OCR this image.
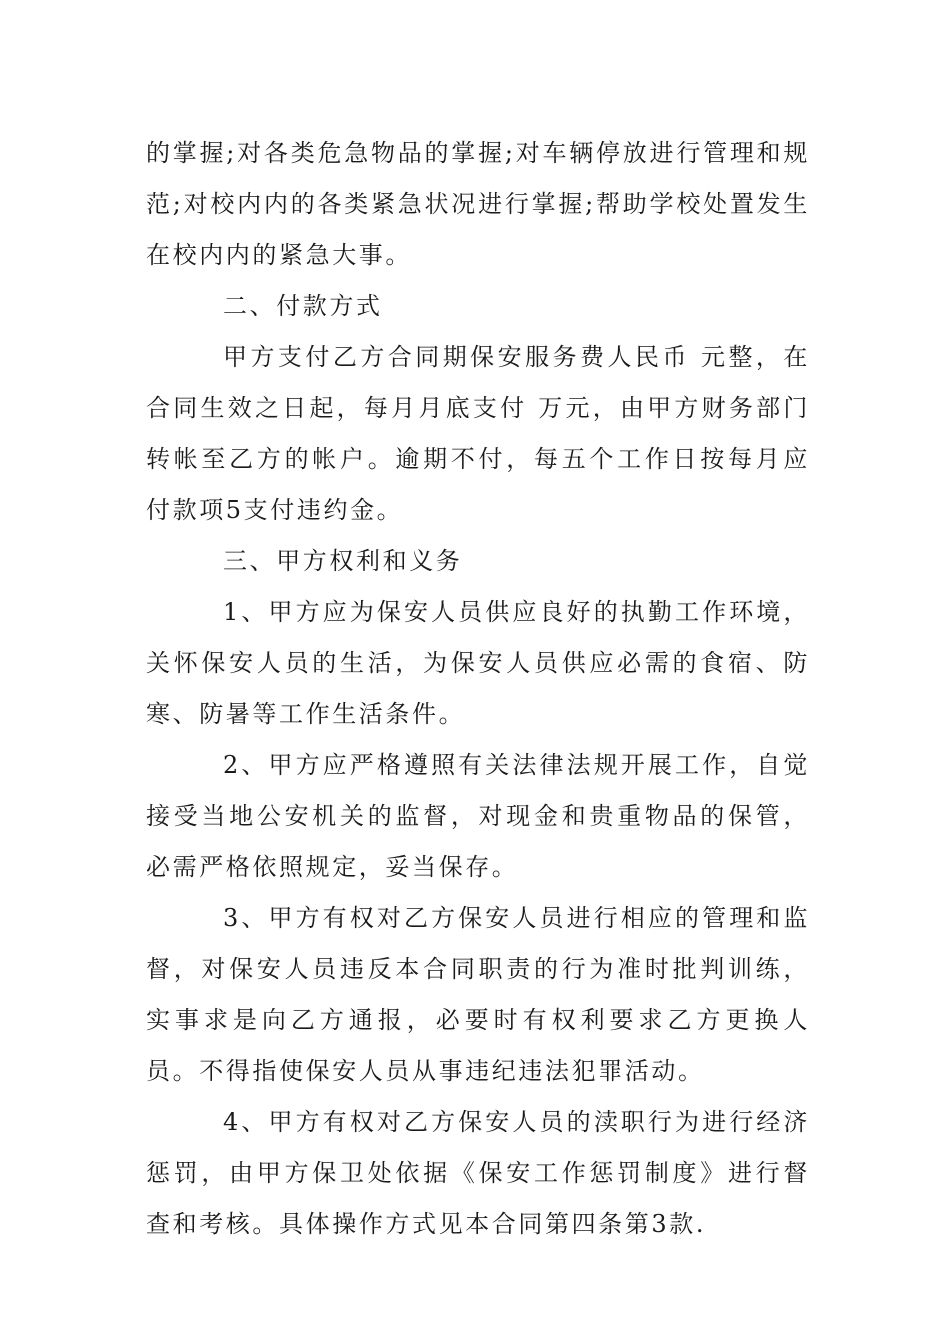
的掌握;对各类危急物品的掌握;对车辆停放进行管理和规范;对校内内的各类紧急状况进行掌握;帮助学校处置发生在校内内的紧急大事。

二、付款方式

甲方支付乙方合同期保安服务费人民币 元整，在合同生效之日起，每月月底支付 万元，由甲方财务部门转帐至乙方的帐户。逾期不付，每五个工作日按每月应付款项5支付违约金。

三、甲方权利和义务

1、甲方应为保安人员供应良好的执勤工作环境，关怀保安人员的生活，为保安人员供应必需的食宿、防寒、防暑等工作生活条件。

2、甲方应严格遵照有关法律法规开展工作，自觉接受当地公安机关的监督，对现金和贵重物品的保管，必需严格依照规定，妥当保存。

3、甲方有权对乙方保安人员进行相应的管理和监督，对保安人员违反本合同职责的行为准时批判训练，实事求是向乙方通报，必要时有权利要求乙方更换人员。不得指使保安人员从事违纪违法犯罪活动。

4、甲方有权对乙方保安人员的渎职行为进行经济惩罚，由甲方保卫处依据《保安工作惩罚制度》进行督查和考核。具体操作方式见本合同第四条第3款.
